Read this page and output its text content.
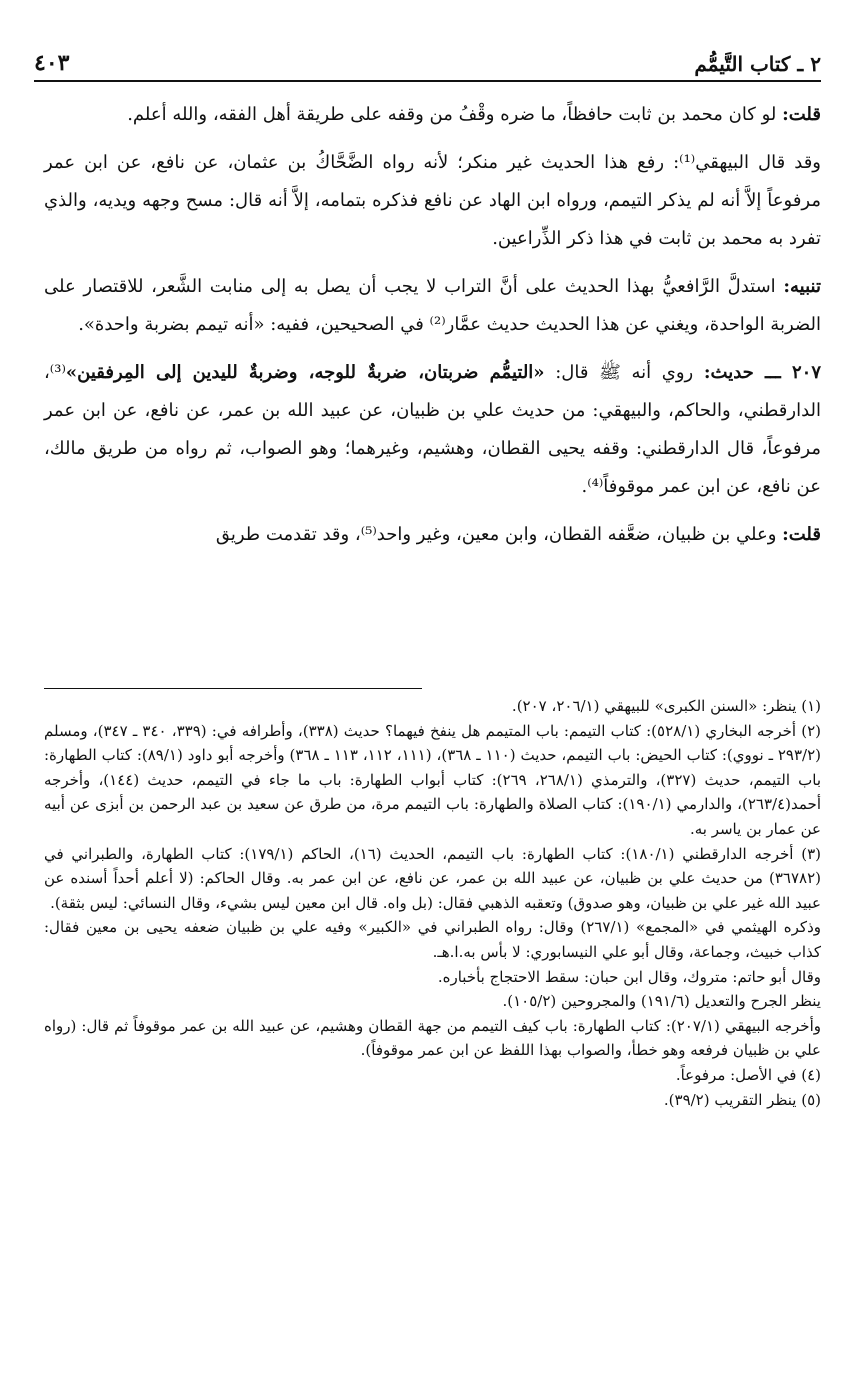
٤٠٣	٢ ـ كتاب التَّيمُّم

قلت: لو كان محمد بن ثابت حافظاً، ما ضره وقْفُ من وقفه على طريقة أهل الفقه، والله أعلم.

وقد قال البيهقي⁽¹⁾: رفع هذا الحديث غير منكر؛ لأنه رواه الضَّحَّاكُ بن عثمان، عن نافع، عن ابن عمر مرفوعاً إلاَّ أنه لم يذكر التيمم، ورواه ابن الهاد عن نافع فذكره بتمامه، إلاَّ أنه قال: مسح وجهه ويديه، والذي تفرد به محمد بن ثابت في هذا ذكر الذِّراعين.

تنبيه: استدلَّ الرَّافعيُّ بهذا الحديث على أنَّ التراب لا يجب أن يصل به إلى منابت الشَّعر، للاقتصار على الضربة الواحدة، ويغني عن هذا الحديث حديث عمَّار⁽²⁾ في الصحيحين، ففيه: «أنه تيمم بضربة واحدة».

٢٠٧ ـــ حديث: روي أنه ﷺ قال: «التيمُّم ضربتان، ضربةٌ للوجه، وضربةٌ لليدين إلى المِرفقين»⁽³⁾، الدارقطني، والحاكم، والبيهقي: من حديث علي بن ظبيان، عن عبيد الله بن عمر، عن نافع، عن ابن عمر مرفوعاً، قال الدارقطني: وقفه يحيى القطان، وهشيم، وغيرهما؛ وهو الصواب، ثم رواه من طريق مالك، عن نافع، عن ابن عمر موقوفاً⁽⁴⁾.

قلت: وعلي بن ظبيان، ضعَّفه القطان، وابن معين، وغير واحد⁽⁵⁾، وقد تقدمت طريق

(١) ينظر: «السنن الكبرى» للبيهقي (٢٠٦/١، ٢٠٧).

(٢) أخرجه البخاري (٥٢٨/١): كتاب التيمم: باب المتيمم هل ينفخ فيهما؟ حديث (٣٣٨)، وأطرافه في: (٣٣٩، ٣٤٠ ـ ٣٤٧)، ومسلم (٢٩٣/٢ ـ نووي): كتاب الحيض: باب التيمم، حديث (١١٠ ـ ٣٦٨)، (١١١، ١١٢، ١١٣ ـ ٣٦٨) وأخرجه أبو داود (٨٩/١): كتاب الطهارة: باب التيمم، حديث (٣٢٧)، والترمذي (٢٦٨/١، ٢٦٩): كتاب أبواب الطهارة: باب ما جاء في التيمم، حديث (١٤٤)، وأخرجه أحمد(٢٦٣/٤)، والدارمي (١٩٠/١): كتاب الصلاة والطهارة: باب التيمم مرة، من طرق عن سعيد بن عبد الرحمن بن أبزى عن أبيه عن عمار بن ياسر به.

(٣) أخرجه الدارقطني (١٨٠/١): كتاب الطهارة: باب التيمم، الحديث (١٦)، الحاكم (١٧٩/١): كتاب الطهارة، والطبراني في (٣٦٧٨٢) من حديث علي بن ظبيان، عن عبيد الله بن عمر، عن نافع، عن ابن عمر به. وقال الحاكم: (لا أعلم أحداً أسنده عن عبيد الله غير علي بن ظبيان، وهو صدوق) وتعقبه الذهبي فقال: (بل واه. قال ابن معين ليس بشيء، وقال النسائي: ليس بثقة).

وذكره الهيثمي في «المجمع» (٢٦٧/١) وقال: رواه الطبراني في «الكبير» وفيه علي بن ظبيان ضعفه يحيى بن معين فقال: كذاب خبيث، وجماعة، وقال أبو علي النيسابوري: لا بأس به.ا.هـ.

وقال أبو حاتم: متروك، وقال ابن حبان: سقط الاحتجاج بأخباره.

ينظر الجرح والتعديل (١٩١/٦) والمجروحين (١٠٥/٢).

وأخرجه البيهقي (٢٠٧/١): كتاب الطهارة: باب كيف التيمم من جهة القطان وهشيم، عن عبيد الله بن عمر موقوفاً ثم قال: (رواه علي بن ظبيان فرفعه وهو خطأ، والصواب بهذا اللفظ عن ابن عمر موقوفاً).

(٤) في الأصل: مرفوعاً.

(٥) ينظر التقريب (٣٩/٢).
